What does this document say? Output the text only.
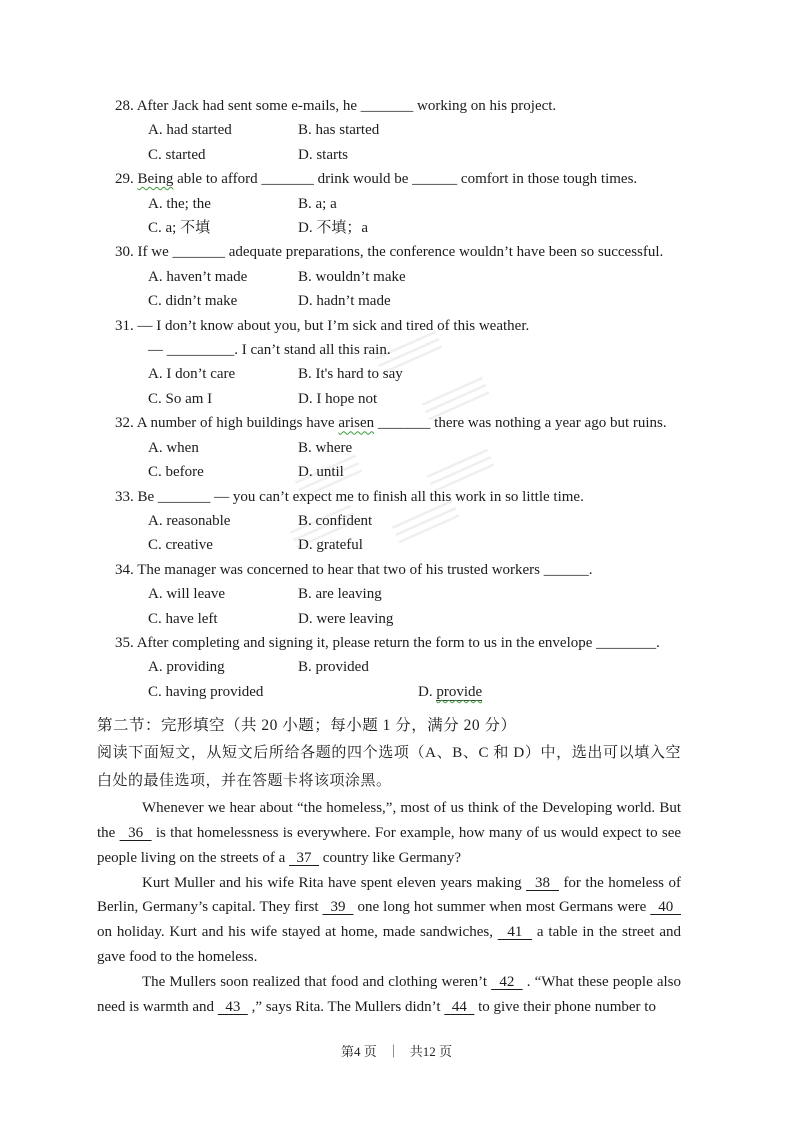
28. After Jack had sent some e-mails, he _______ working on his project.
A. had started	B. has started
C. started	D. starts
29. Being able to afford _______ drink would be ______ comfort in those tough times.
A. the; the	B. a; a
C. a; 不填	D. 不填；a
30. If we _______ adequate preparations, the conference wouldn’t have been so successful.
A. haven’t made	B. wouldn’t make
C. didn’t make	D. hadn’t made
31. — I don’t know about you, but I’m sick and tired of this weather.
— _________. I can’t stand all this rain.
A. I don’t care	B. It's hard to say
C. So am I	D. I hope not
32. A number of high buildings have arisen _______ there was nothing a year ago but ruins.
A. when	B. where
C. before	D. until
33. Be _______ — you can’t expect me to finish all this work in so little time.
A. reasonable	B. confident
C. creative	D. grateful
34. The manager was concerned to hear that two of his trusted workers ______.
A. will leave	B. are leaving
C. have left	D. were leaving
35. After completing and signing it, please return the form to us in the envelope ________.
A. providing	B. provided
C. having provided	D. provide
第二节：完形填空（共 20 小题；每小题 1 分，满分 20 分）

阅读下面短文，从短文后所给各题的四个选项（A、B、C 和 D）中，选出可以填入空白处的最佳选项，并在答题卡将该项涂黑。

Whenever we hear about “the homeless,”, most of us think of the Developing world. But the   36   is that homelessness is everywhere. For example, how many of us would expect to see people living on the streets of a   37   country like Germany?

Kurt Muller and his wife Rita have spent eleven years making   38   for the homeless of Berlin, Germany’s capital. They first   39   one long hot summer when most Germans were   40   on holiday. Kurt and his wife stayed at home, made sandwiches,   41   a table in the street and gave food to the homeless.

The Mullers soon realized that food and clothing weren’t   42   . “What these people also need is warmth and   43   ,” says Rita. The Mullers didn’t   44   to give their phone number to

第4 页 ｜ 共12 页
